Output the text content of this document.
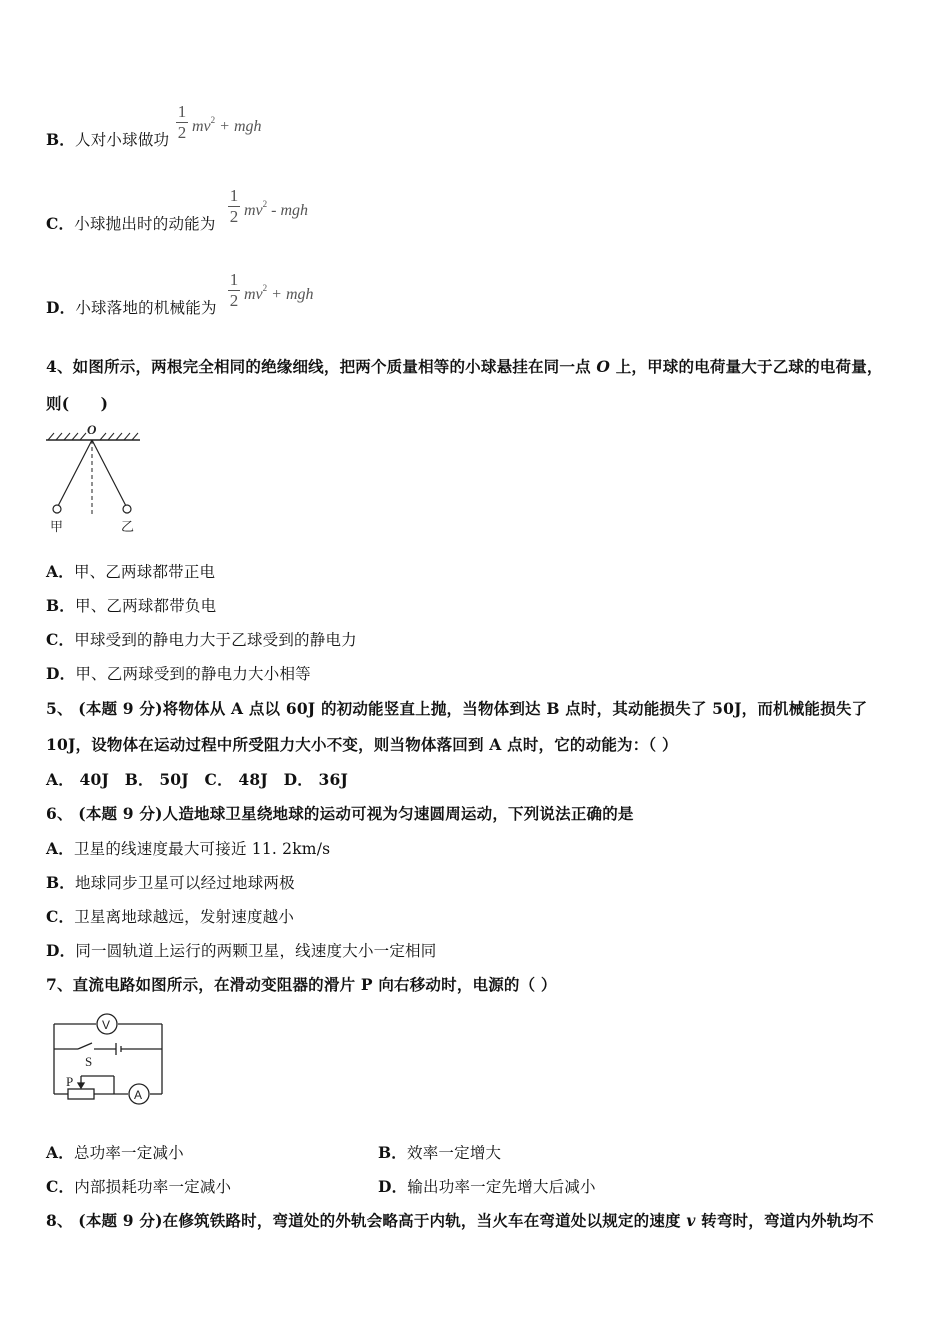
B．人对小球做功
1
2 $mv^2$ + mgh
C．小球抛出时的动能为
1
2 $mv^2$ - mgh
D．小球落地的机械能为
1
2 $mv^2$ + mgh
4、如图所示，两根完全相同的绝缘细线，把两个质量相等的小球悬挂在同一点 O 上，甲球的电荷量大于乙球的电荷量，
则(　　)
O
甲	乙
A．甲、乙两球都带正电
B．甲、乙两球都带负电
C．甲球受到的静电力大于乙球受到的静电力
D．甲、乙两球受到的静电力大小相等
5、 (本题 9 分)将物体从 A 点以 60J 的初动能竖直上抛，当物体到达 B 点时，其动能损失了 50J，而机械能损失了
10J，设物体在运动过程中所受阻力大小不变，则当物体落回到 A 点时，它的动能为：（ ）
A． 40J　B． 50J　C． 48J　D． 36J
6、 (本题 9 分)人造地球卫星绕地球的运动可视为匀速圆周运动，下列说法正确的是
A．卫星的线速度最大可接近 11. 2km/s
B．地球同步卫星可以经过地球两极
C．卫星离地球越远，发射速度越小
D．同一圆轨道上运行的两颗卫星，线速度大小一定相同
7、直流电路如图所示，在滑动变阻器的滑片 P 向右移动时，电源的（ ）
V
S
P
A
A．总功率一定减小	B．效率一定增大
C．内部损耗功率一定减小	D．输出功率一定先增大后减小
8、 (本题 9 分)在修筑铁路时，弯道处的外轨会略高于内轨，当火车在弯道处以规定的速度 v 转弯时，弯道内外轨均不
